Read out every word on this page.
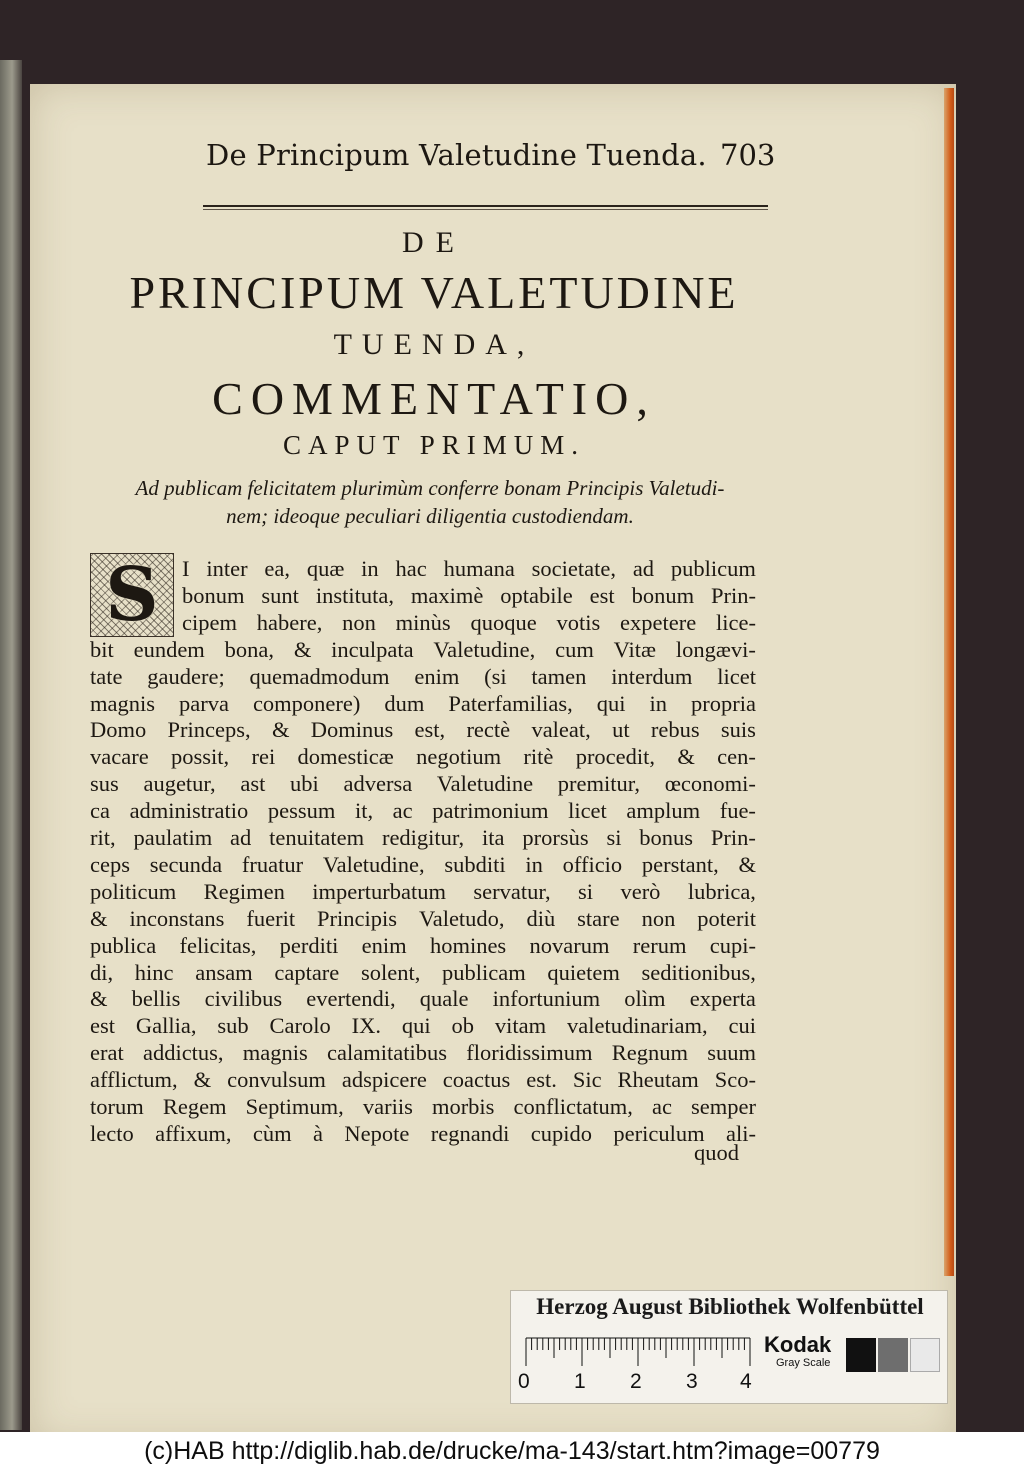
De Principum Valetudine Tuenda. 703
DE
PRINCIPUM VALETUDINE
TUENDA,
COMMENTATIO,
CAPUT PRIMUM.
Ad publicam felicitatem plurimùm conferre bonam Principis Valetudi-
nem; ideoque peculiari diligentia custodiendam.
S	I inter ea, quæ in hac humana societate, ad publicum
bonum sunt instituta, maximè optabile est bonum Prin-
cipem habere, non minùs quoque votis expetere lice-
bit eundem bona, & inculpata Valetudine, cum Vitæ longævi-
tate gaudere; quemadmodum enim (si tamen interdum licet
magnis parva componere) dum Paterfamilias, qui in propria
Domo Princeps, & Dominus est, rectè valeat, ut rebus suis
vacare possit, rei domesticæ negotium ritè procedit, & cen-
sus augetur, ast ubi adversa Valetudine premitur, œconomi-
ca administratio pessum it, ac patrimonium licet amplum fue-
rit, paulatim ad tenuitatem redigitur, ita prorsùs si bonus Prin-
ceps secunda fruatur Valetudine, subditi in officio perstant, &
politicum Regimen imperturbatum servatur, si verò lubrica,
& inconstans fuerit Principis Valetudo, diù stare non poterit
publica felicitas, perditi enim homines novarum rerum cupi-
di, hinc ansam captare solent, publicam quietem seditionibus,
& bellis civilibus evertendi, quale infortunium olìm experta
est Gallia, sub Carolo IX. qui ob vitam valetudinariam, cui
erat addictus, magnis calamitatibus floridissimum Regnum suum
afflictum, & convulsum adspicere coactus est. Sic Rheutam Sco-
torum Regem Septimum, variis morbis conflictatum, ac semper
lecto affixum, cùm à Nepote regnandi cupido periculum ali-
quod
Herzog August Bibliothek Wolfenbüttel
0 1 2 3 4
Kodak
Gray Scale
(c)HAB http://diglib.hab.de/drucke/ma-143/start.htm?image=00779
